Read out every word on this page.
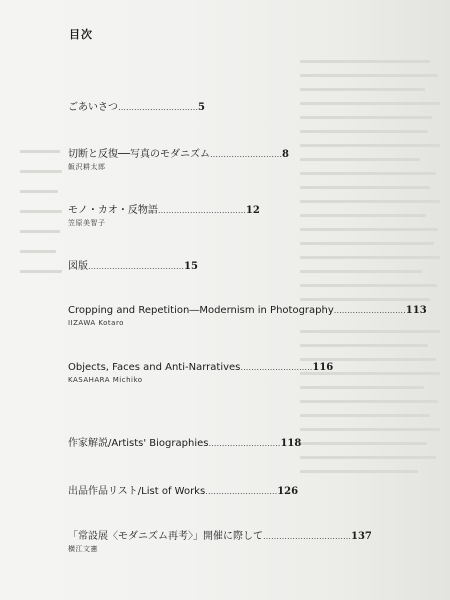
目次
ごあいさつ…………………………5
切断と反復──写真のモダニズム………………………8
飯沢耕太郎
モノ・カオ・反物語……………………………12
笠原美智子
図版………………………………15
Cropping and Repetition―Modernism in Photography………………………113
IIZAWA Kotaro
Objects, Faces and Anti-Narratives………………………116
KASAHARA Michiko
作家解説/Artists' Biographies………………………118
出品作品リスト/List of Works………………………126
「常設展〈モダニズム再考〉」開催に際して……………………………137
横江文憲
